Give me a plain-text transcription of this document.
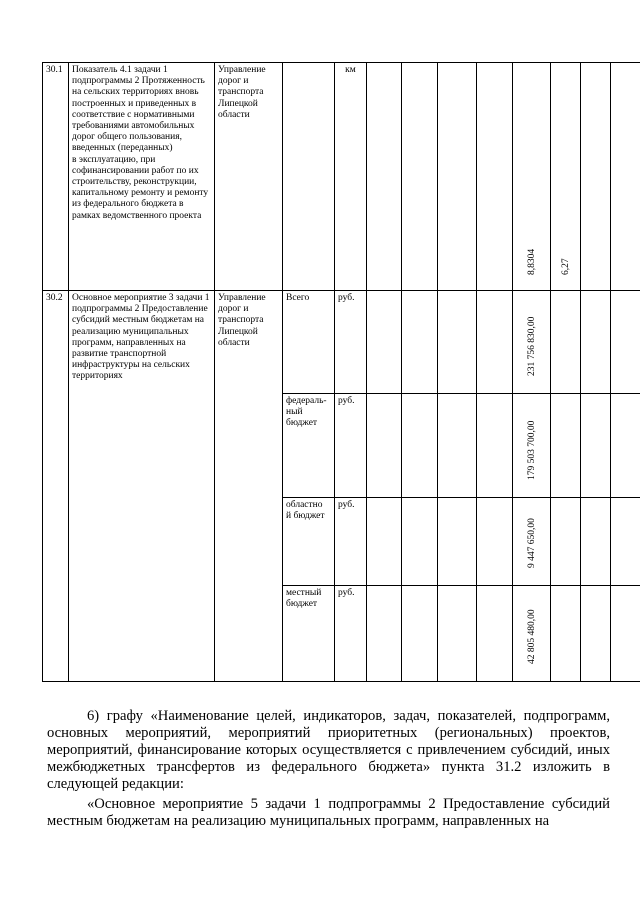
30.1	Показатель 4.1 задачи 1 подпрограммы 2 Протяженность на сельских территориях вновь построенных и приведенных в соответствие с нормативными требованиями автомобильных дорог общего пользования, введенных (переданных)
в эксплуатацию, при софинансировании работ по их строительству, реконструкции, капитальному ремонту и ремонту из федерального бюджета в рамках ведомственного проекта	Управление дорог и транспорта Липецкой области		км					8,8304	6,27		

30.2	Основное мероприятие 3 задачи 1 подпрограммы 2 Предоставление субсидий местным бюджетам на реализацию муниципальных программ, направленных на развитие транспортной инфраструктуры на сельских территориях	Управление дорог и транспорта Липецкой области	Всего	руб.					231 756 830,00			

			федераль-
ный
бюджет	руб.					179 503 700,00			

			областно
й бюджет	руб.					9 447 650,00			

			местный
бюджет	руб.					42 805 480,00			

6) графу «Наименование целей, индикаторов, задач, показателей, подпрограмм, основных мероприятий, мероприятий приоритетных (региональных) проектов, мероприятий, финансирование которых осуществляется с привлечением субсидий, иных межбюджетных трансфертов из федерального бюджета» пункта 31.2 изложить в следующей редакции:
«Основное мероприятие 5 задачи 1 подпрограммы 2 Предоставление субсидий местным бюджетам на реализацию муниципальных программ, направленных на
